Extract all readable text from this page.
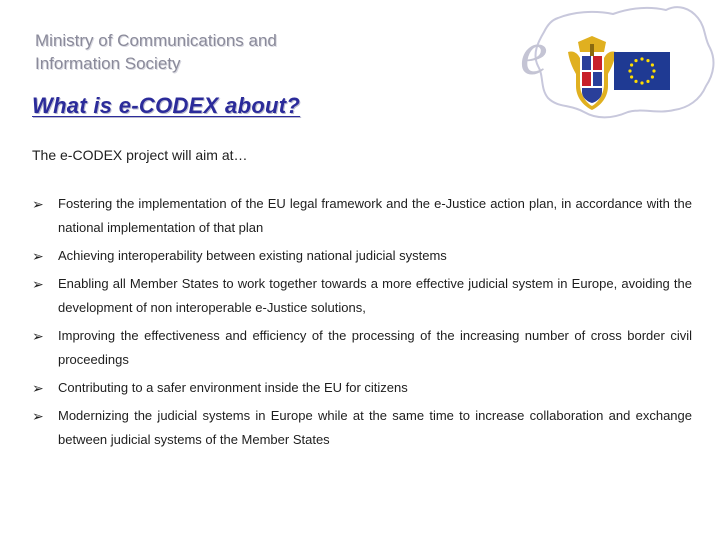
Ministry of Communications and
Information Society	e
What is e-CODEX about?
The e-CODEX project will aim at…
➢ Fostering the implementation of the EU legal framework and the e-Justice action plan, in accordance with the national implementation of that plan
➢ Achieving interoperability between existing national judicial systems
➢ Enabling all Member States to work together towards a more effective judicial system in Europe, avoiding the development of non interoperable e-Justice solutions,
➢ Improving the effectiveness and efficiency of the processing of the increasing number of cross border civil proceedings
➢ Contributing to a safer environment inside the EU for citizens
➢ Modernizing the judicial systems in Europe while at the same time to increase collaboration and exchange between judicial systems of the Member States
